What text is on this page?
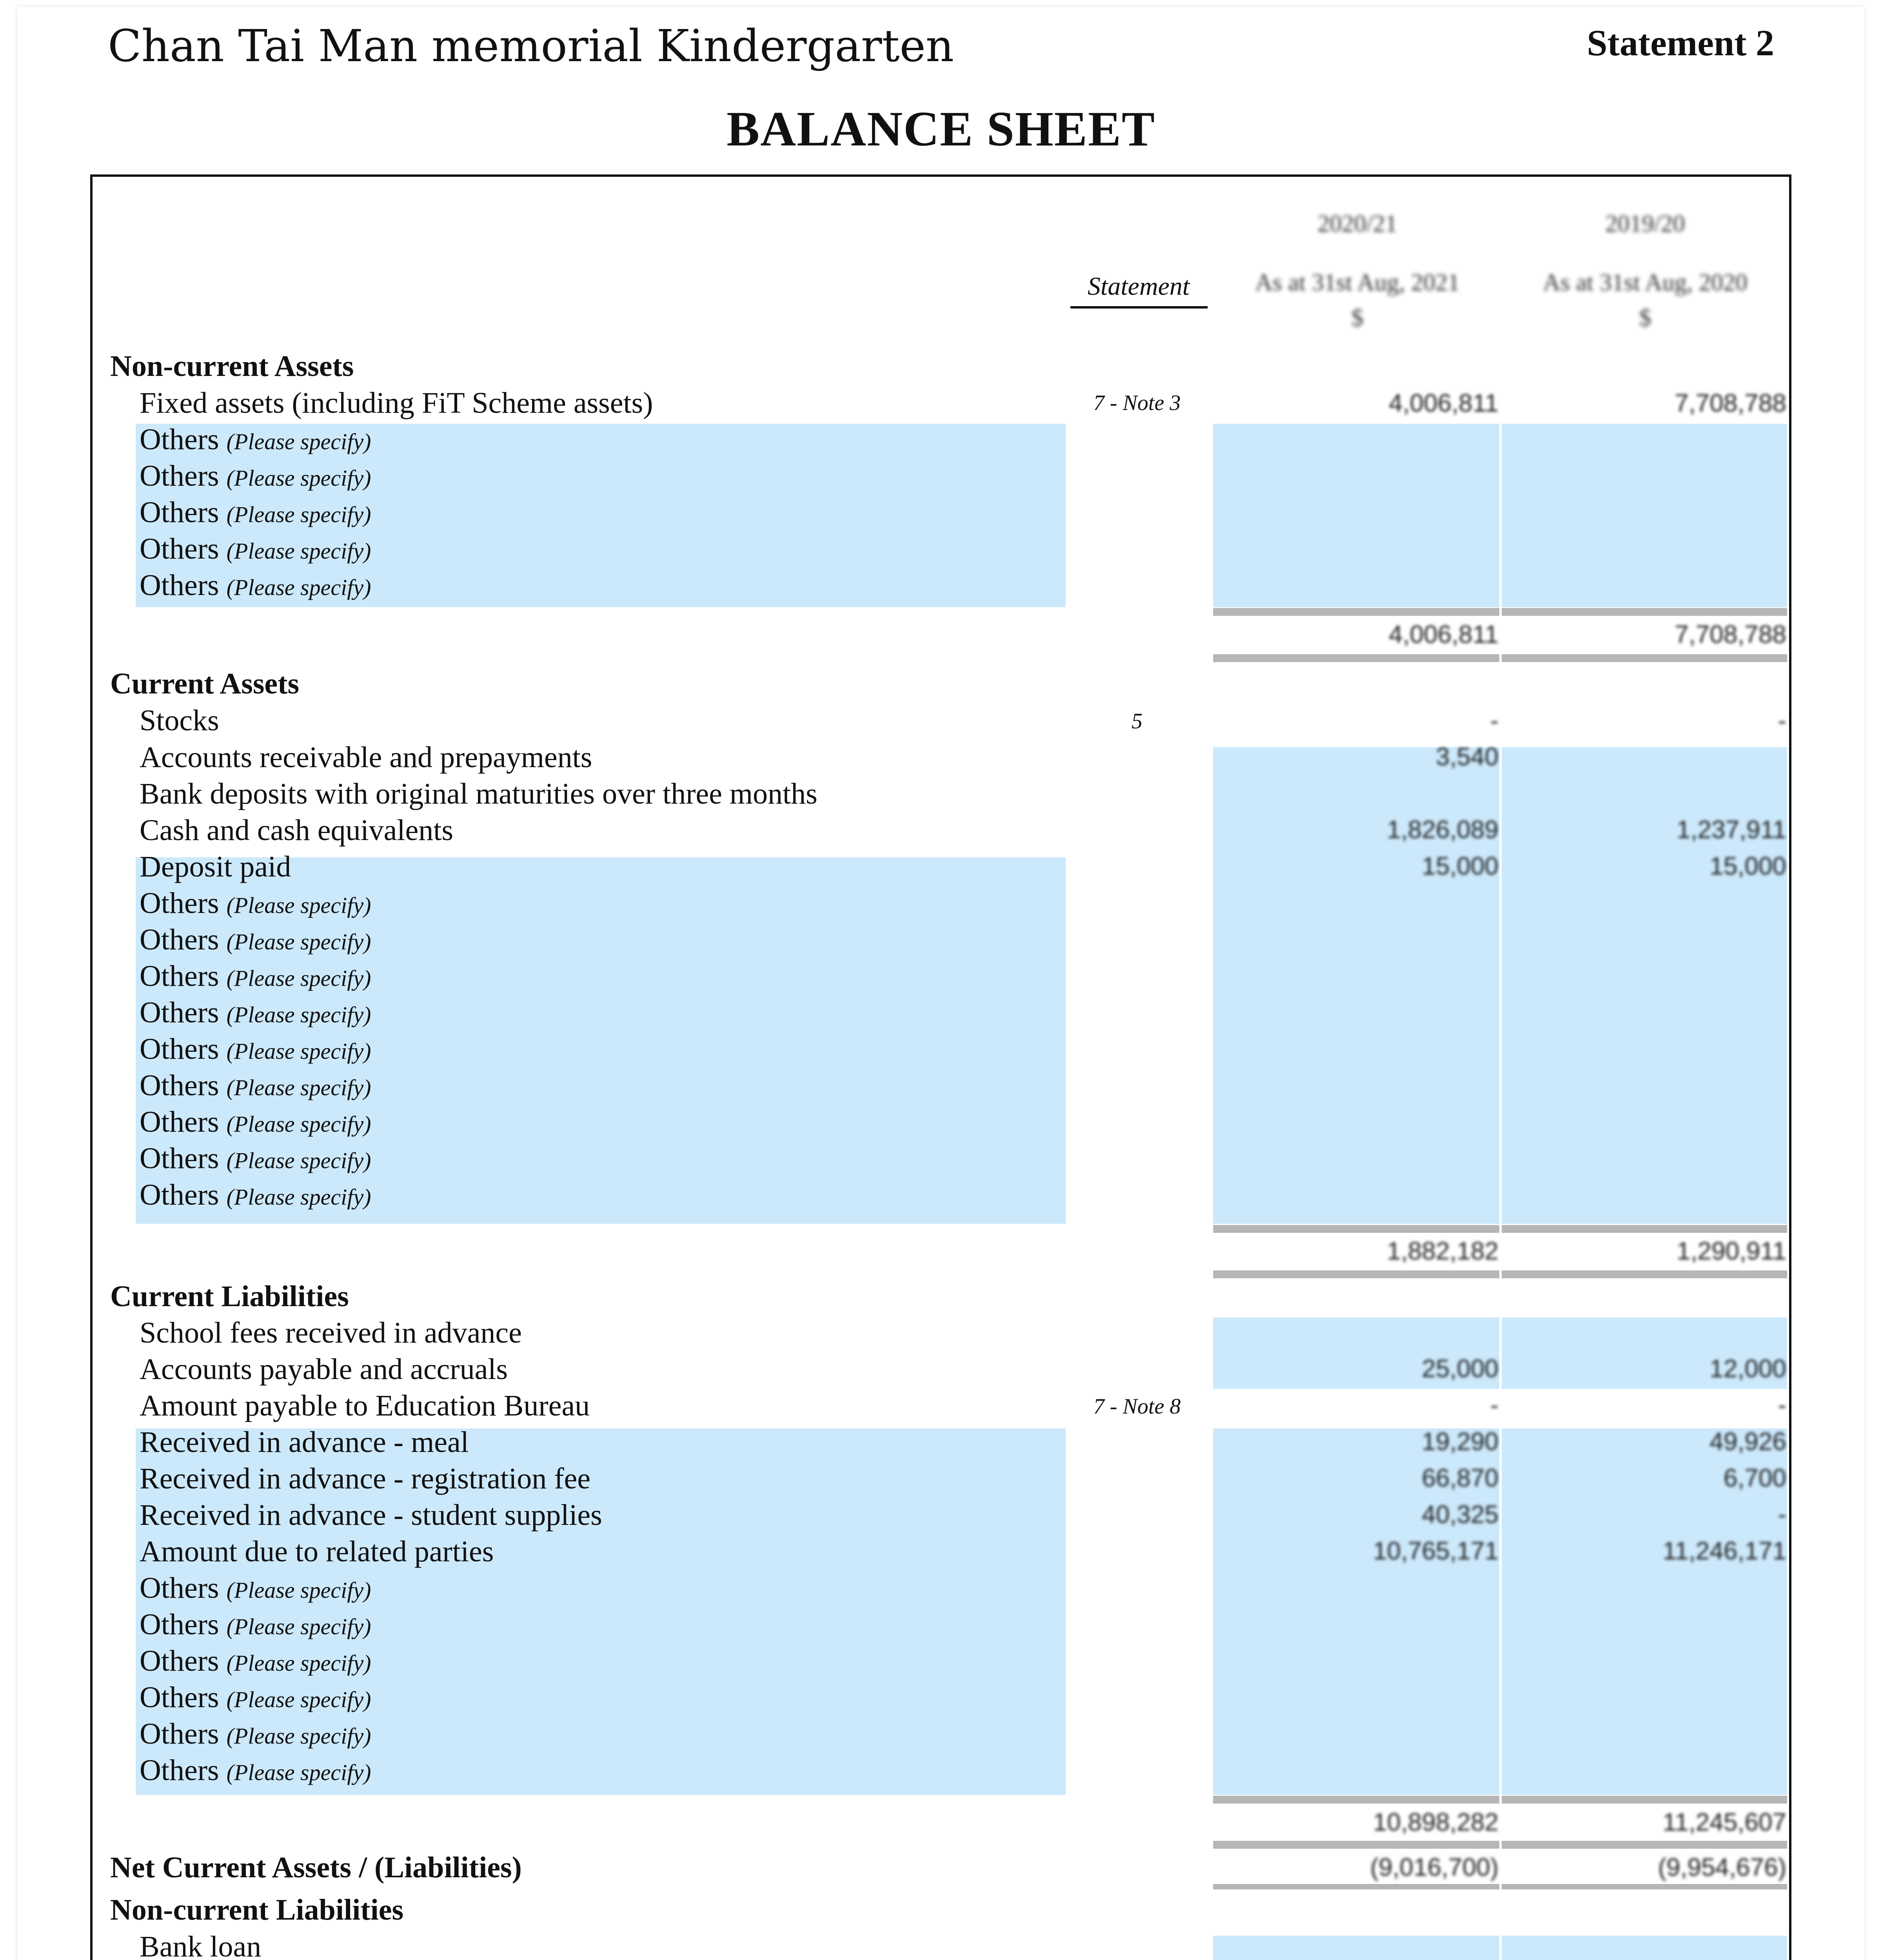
Chan Tai Man memorial Kindergarten	Statement 2
BALANCE SHEET
2020/21	2019/20
Statement	As at 31st Aug, 2021	As at 31st Aug, 2020
$	$
Non-current Assets
Fixed assets (including FiT Scheme assets)	7 - Note 3	4,006,811	7,708,788
Others (Please specify)
Others (Please specify)
Others (Please specify)
Others (Please specify)
Others (Please specify)
4,006,811	7,708,788
Current Assets
Stocks	5	-	-
Accounts receivable and prepayments	3,540
Bank deposits with original maturities over three months
Cash and cash equivalents	1,826,089	1,237,911
Deposit paid	15,000	15,000
Others (Please specify)
Others (Please specify)
Others (Please specify)
Others (Please specify)
Others (Please specify)
Others (Please specify)
Others (Please specify)
Others (Please specify)
Others (Please specify)
1,882,182	1,290,911
Current Liabilities
School fees received in advance
Accounts payable and accruals	25,000	12,000
Amount payable to Education Bureau	7 - Note 8	-	-
Received in advance - meal	19,290	49,926
Received in advance - registration fee	66,870	6,700
Received in advance - student supplies	40,325	-
Amount due to related parties	10,765,171	11,246,171
Others (Please specify)
Others (Please specify)
Others (Please specify)
Others (Please specify)
Others (Please specify)
Others (Please specify)
10,898,282	11,245,607
Net Current Assets / (Liabilities)	(9,016,700)	(9,954,676)
Non-current Liabilities
Bank loan
